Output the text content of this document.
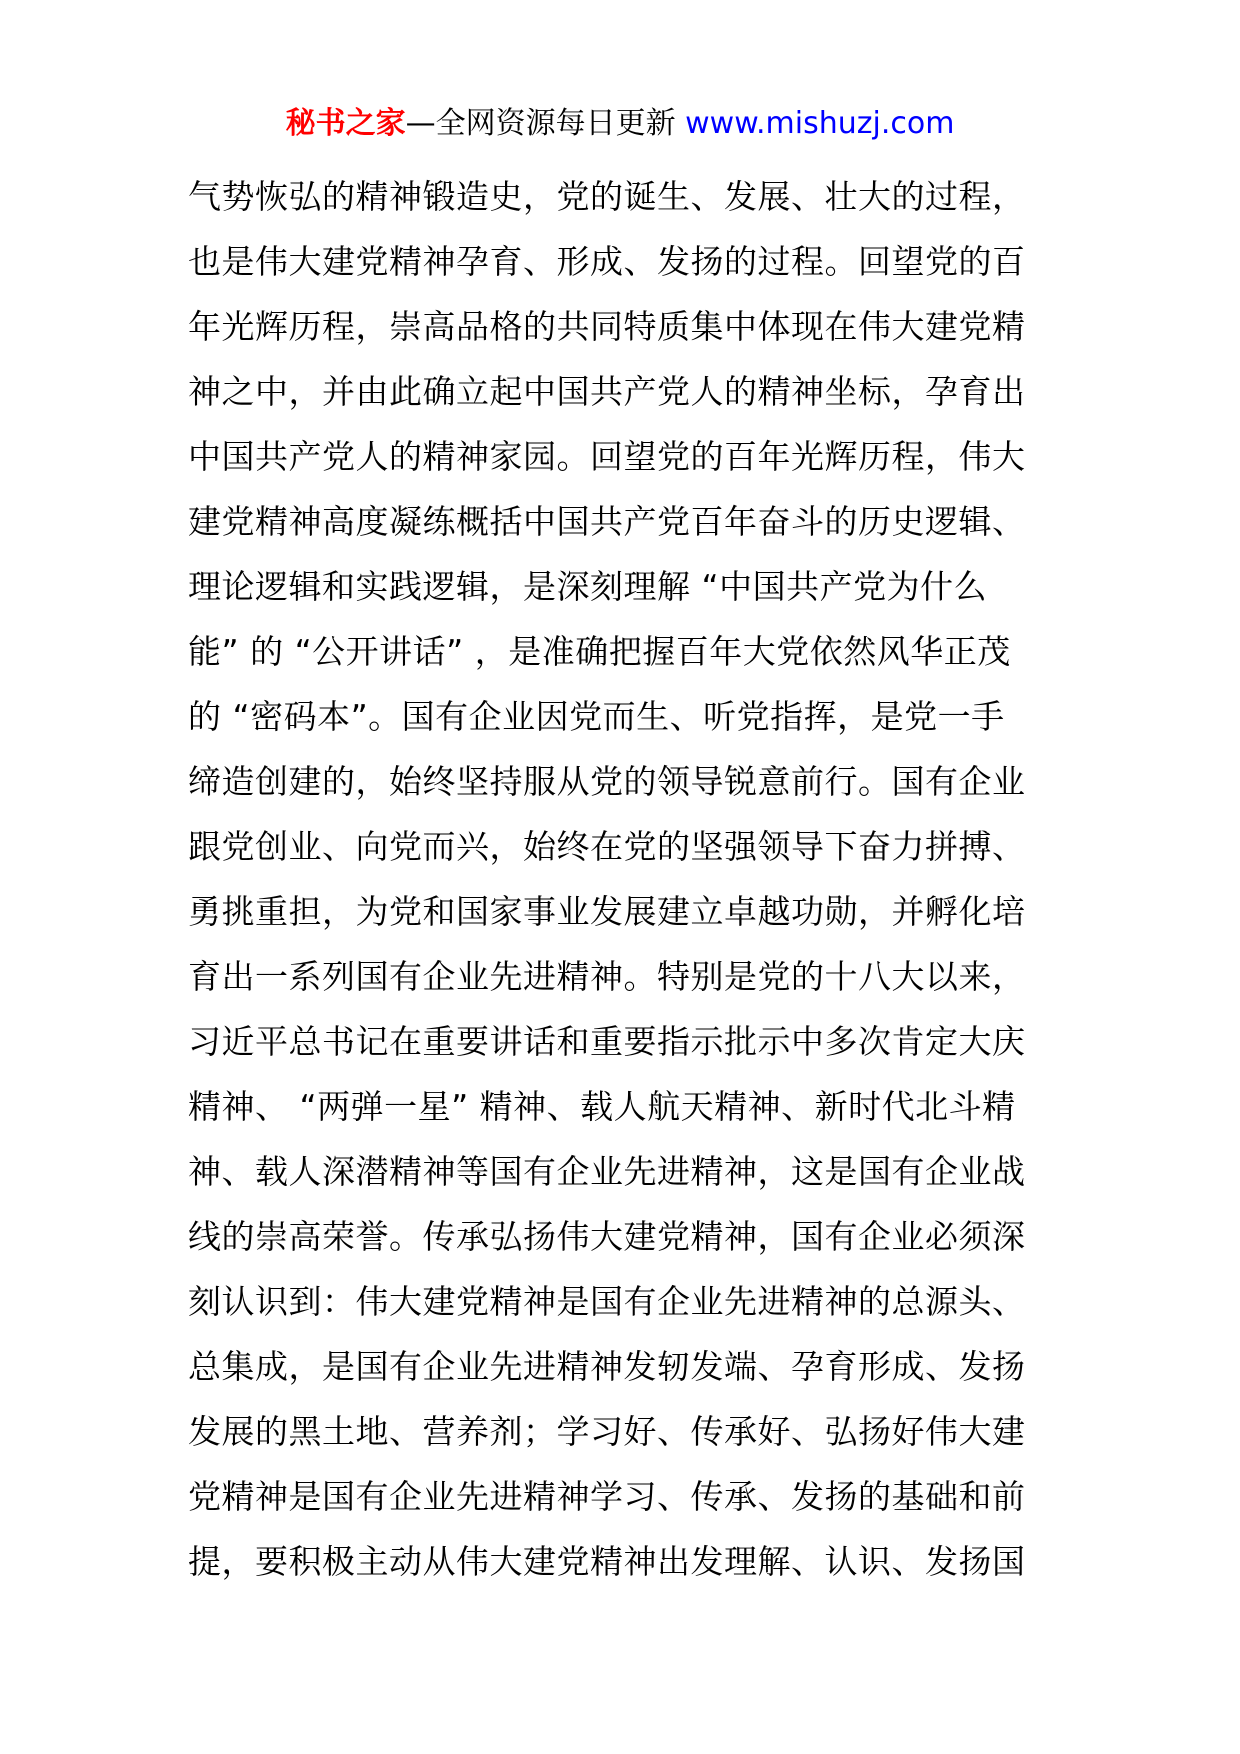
秘书之家—全网资源每日更新 www.mishuzj.com
气势恢弘的精神锻造史，党的诞生、发展、壮大的过程，
也是伟大建党精神孕育、形成、发扬的过程。回望党的百
年光辉历程，崇高品格的共同特质集中体现在伟大建党精
神之中，并由此确立起中国共产党人的精神坐标，孕育出
中国共产党人的精神家园。回望党的百年光辉历程，伟大
建党精神高度凝练概括中国共产党百年奋斗的历史逻辑、
理论逻辑和实践逻辑，是深刻理解 “中国共产党为什么
能” 的 “公开讲话” ，是准确把握百年大党依然风华正茂
的 “密码本”。国有企业因党而生、听党指挥，是党一手
缔造创建的，始终坚持服从党的领导锐意前行。国有企业
跟党创业、向党而兴，始终在党的坚强领导下奋力拼搏、
勇挑重担，为党和国家事业发展建立卓越功勋，并孵化培
育出一系列国有企业先进精神。特别是党的十八大以来，
习近平总书记在重要讲话和重要指示批示中多次肯定大庆
精神、 “两弹一星” 精神、载人航天精神、新时代北斗精
神、载人深潜精神等国有企业先进精神，这是国有企业战
线的崇高荣誉。传承弘扬伟大建党精神，国有企业必须深
刻认识到：伟大建党精神是国有企业先进精神的总源头、
总集成，是国有企业先进精神发轫发端、孕育形成、发扬
发展的黑土地、营养剂；学习好、传承好、弘扬好伟大建
党精神是国有企业先进精神学习、传承、发扬的基础和前
提，要积极主动从伟大建党精神出发理解、认识、发扬国
